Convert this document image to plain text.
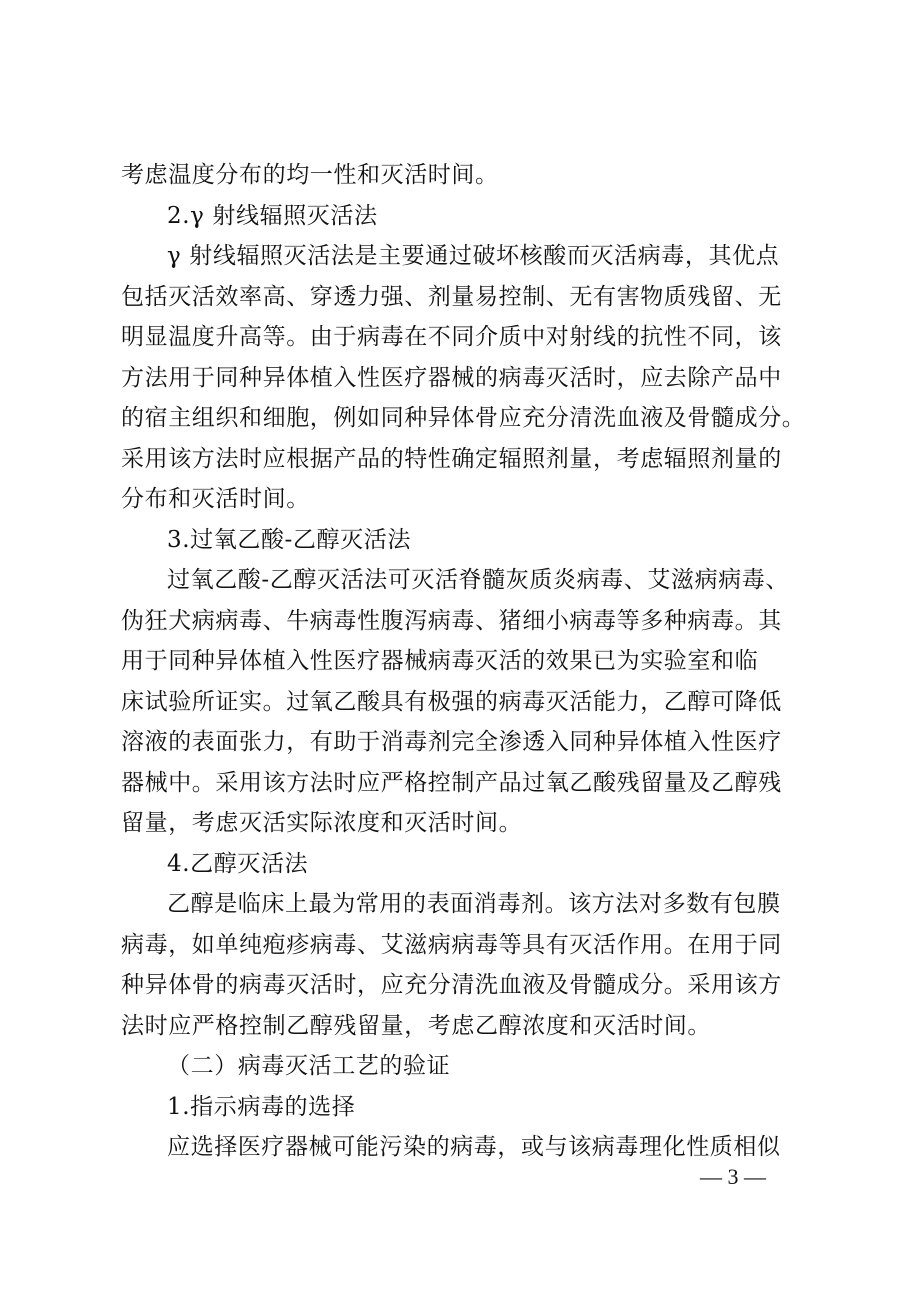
考虑温度分布的均一性和灭活时间。
2.γ 射线辐照灭活法
γ 射线辐照灭活法是主要通过破坏核酸而灭活病毒，其优点
包括灭活效率高、穿透力强、剂量易控制、无有害物质残留、无
明显温度升高等。由于病毒在不同介质中对射线的抗性不同，该
方法用于同种异体植入性医疗器械的病毒灭活时，应去除产品中
的宿主组织和细胞，例如同种异体骨应充分清洗血液及骨髓成分。
采用该方法时应根据产品的特性确定辐照剂量，考虑辐照剂量的
分布和灭活时间。
3.过氧乙酸-乙醇灭活法
过氧乙酸-乙醇灭活法可灭活脊髓灰质炎病毒、艾滋病病毒、
伪狂犬病病毒、牛病毒性腹泻病毒、猪细小病毒等多种病毒。其
用于同种异体植入性医疗器械病毒灭活的效果已为实验室和临
床试验所证实。过氧乙酸具有极强的病毒灭活能力，乙醇可降低
溶液的表面张力，有助于消毒剂完全渗透入同种异体植入性医疗
器械中。采用该方法时应严格控制产品过氧乙酸残留量及乙醇残
留量，考虑灭活实际浓度和灭活时间。
4.乙醇灭活法
乙醇是临床上最为常用的表面消毒剂。该方法对多数有包膜
病毒，如单纯疱疹病毒、艾滋病病毒等具有灭活作用。在用于同
种异体骨的病毒灭活时，应充分清洗血液及骨髓成分。采用该方
法时应严格控制乙醇残留量，考虑乙醇浓度和灭活时间。
（二）病毒灭活工艺的验证
1.指示病毒的选择
应选择医疗器械可能污染的病毒，或与该病毒理化性质相似
— 3 —
